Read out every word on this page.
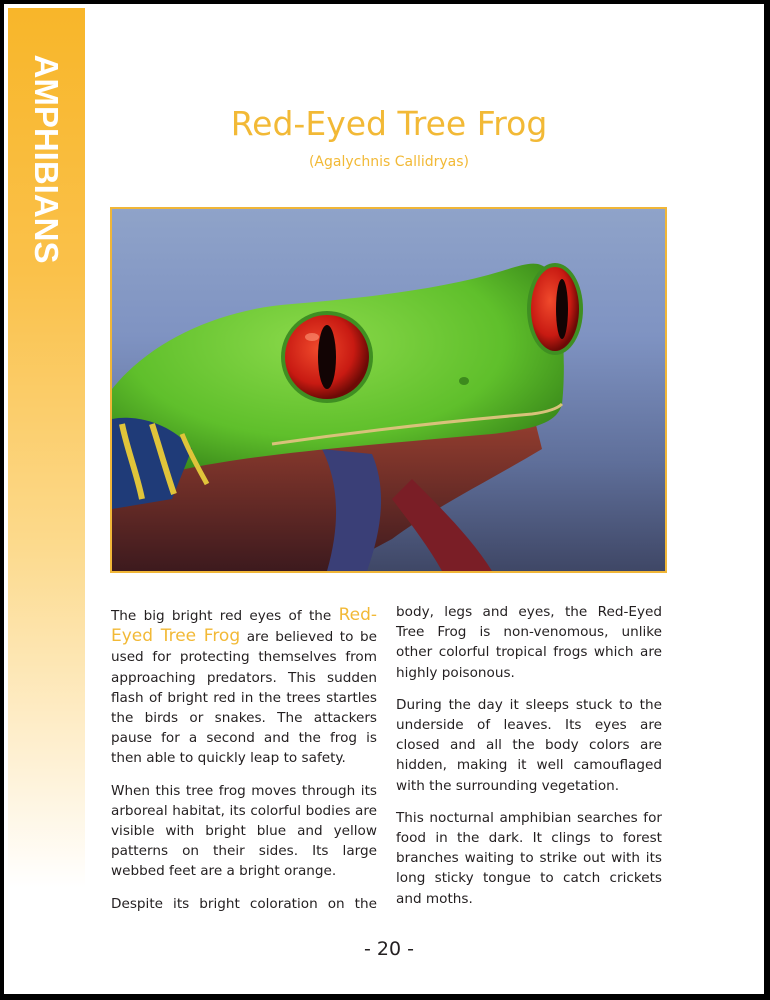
AMPHIBIANS	Red-Eyed Tree Frog
(Agalychnis Callidryas)

The big bright red eyes of the Red-Eyed Tree Frog are believed to be used for protecting themselves from approaching predators. This sudden flash of bright red in the trees startles the birds or snakes. The attackers pause for a second and the frog is then able to quickly leap to safety.

When this tree frog moves through its arboreal habitat, its colorful bodies are visible with bright blue and yellow patterns on their sides. Its large webbed feet are a bright orange.

Despite its bright coloration on the

body, legs and eyes, the Red-Eyed Tree Frog is non-venomous, unlike other colorful tropical frogs which are highly poisonous.

During the day it sleeps stuck to the underside of leaves. Its eyes are closed and all the body colors are hidden, making it well camouflaged with the surrounding vegetation.

This nocturnal amphibian searches for food in the dark. It clings to forest branches waiting to strike out with its long sticky tongue to catch crickets and moths.

- 20 -
